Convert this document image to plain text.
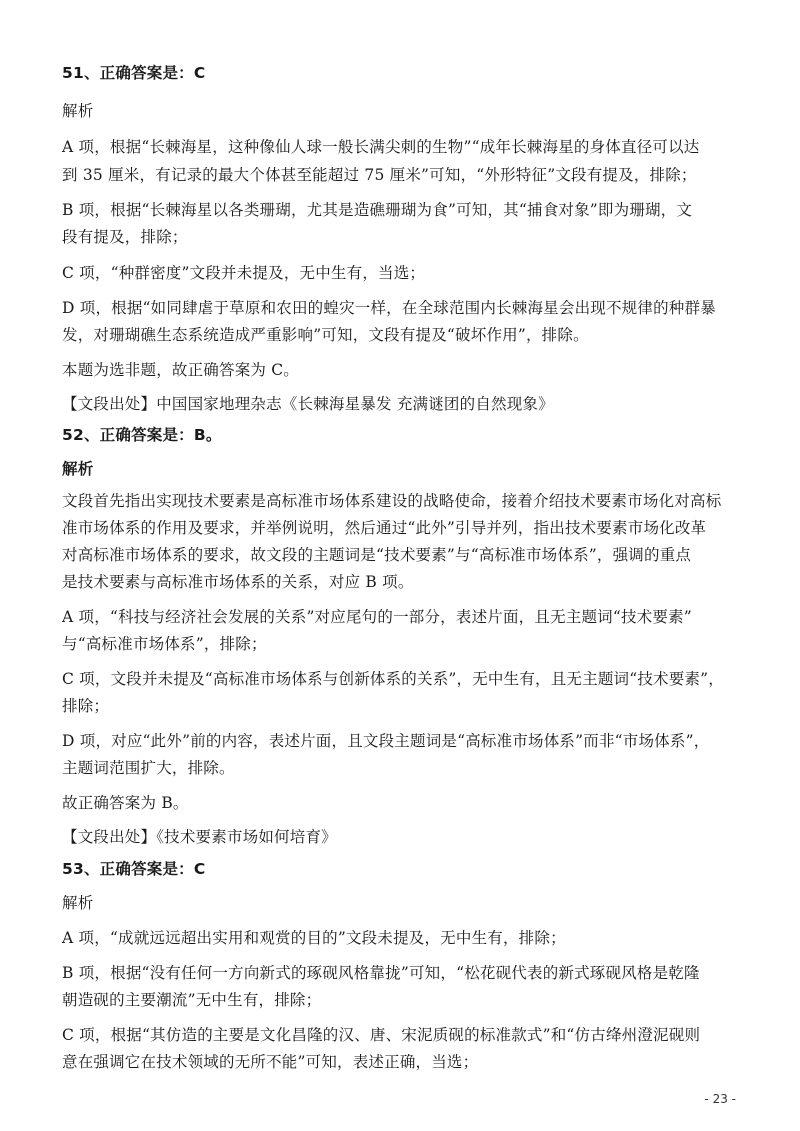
51、正确答案是：C
解析
A 项，根据“长棘海星，这种像仙人球一般长满尖刺的生物”“成年长棘海星的身体直径可以达
到 35 厘米，有记录的最大个体甚至能超过 75 厘米”可知，“外形特征”文段有提及，排除；
B 项，根据“长棘海星以各类珊瑚，尤其是造礁珊瑚为食”可知，其“捕食对象”即为珊瑚，文
段有提及，排除；
C 项，“种群密度”文段并未提及，无中生有，当选；
D 项，根据“如同肆虐于草原和农田的蝗灾一样，在全球范围内长棘海星会出现不规律的种群暴
发，对珊瑚礁生态系统造成严重影响”可知，文段有提及“破坏作用”，排除。
本题为选非题，故正确答案为 C。
【文段出处】中国国家地理杂志《长棘海星暴发 充满谜团的自然现象》
52、正确答案是：B。
解析
文段首先指出实现技术要素是高标准市场体系建设的战略使命，接着介绍技术要素市场化对高标
准市场体系的作用及要求，并举例说明，然后通过“此外”引导并列，指出技术要素市场化改革
对高标准市场体系的要求，故文段的主题词是“技术要素”与“高标准市场体系”，强调的重点
是技术要素与高标准市场体系的关系，对应 B 项。
A 项，“科技与经济社会发展的关系”对应尾句的一部分，表述片面，且无主题词“技术要素”
与“高标准市场体系”，排除；
C 项，文段并未提及“高标准市场体系与创新体系的关系”，无中生有，且无主题词“技术要素”，
排除；
D 项，对应“此外”前的内容，表述片面，且文段主题词是“高标准市场体系”而非“市场体系”，
主题词范围扩大，排除。
故正确答案为 B。
【文段出处】《技术要素市场如何培育》
53、正确答案是：C
解析
A 项，“成就远远超出实用和观赏的目的”文段未提及，无中生有，排除；
B 项，根据“没有任何一方向新式的琢砚风格靠拢”可知，“松花砚代表的新式琢砚风格是乾隆
朝造砚的主要潮流”无中生有，排除；
C 项，根据“其仿造的主要是文化昌隆的汉、唐、宋泥质砚的标准款式”和“仿古绛州澄泥砚则
意在强调它在技术领域的无所不能”可知，表述正确，当选；
- 23 -
